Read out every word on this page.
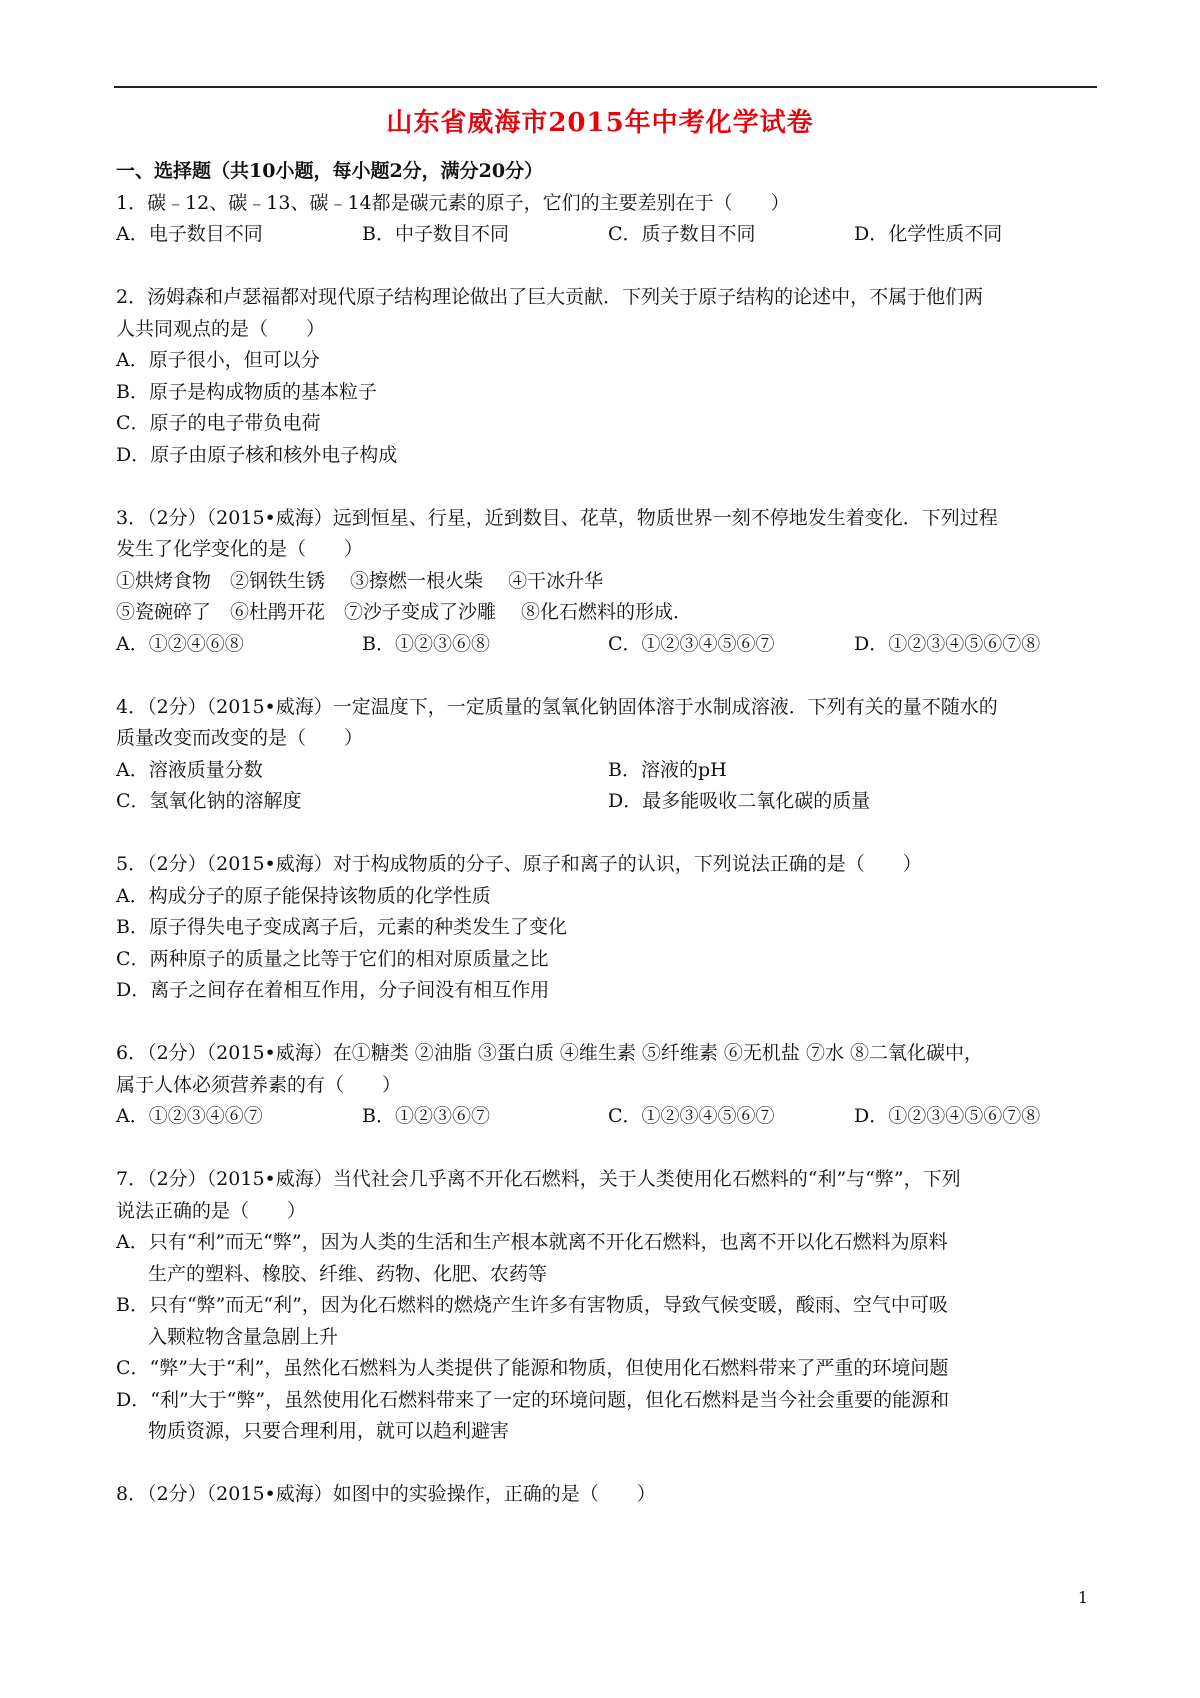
山东省威海市2015年中考化学试卷
一、选择题（共10小题，每小题2分，满分20分）
1．碳﹣12、碳﹣13、碳﹣14都是碳元素的原子，它们的主要差别在于（　　）
A．电子数目不同	B．中子数目不同	C．质子数目不同	D．化学性质不同
2．汤姆森和卢瑟福都对现代原子结构理论做出了巨大贡献．下列关于原子结构的论述中，不属于他们两
人共同观点的是（　　）
A．原子很小，但可以分
B．原子是构成物质的基本粒子
C．原子的电子带负电荷
D．原子由原子核和核外电子构成
3．（2分）（2015•威海）远到恒星、行星，近到数目、花草，物质世界一刻不停地发生着变化．下列过程
发生了化学变化的是（　　）
①烘烤食物　②钢铁生锈　 ③擦燃一根火柴　 ④干冰升华
⑤瓷碗碎了　⑥杜鹃开花　⑦沙子变成了沙雕　 ⑧化石燃料的形成．
A．①②④⑥⑧	B．①②③⑥⑧	C．①②③④⑤⑥⑦	D．①②③④⑤⑥⑦⑧
4．（2分）（2015•威海）一定温度下，一定质量的氢氧化钠固体溶于水制成溶液．下列有关的量不随水的
质量改变而改变的是（　　）
A．溶液质量分数	B．溶液的pH
C．氢氧化钠的溶解度	D．最多能吸收二氧化碳的质量
5．（2分）（2015•威海）对于构成物质的分子、原子和离子的认识，下列说法正确的是（　　）
A．构成分子的原子能保持该物质的化学性质
B．原子得失电子变成离子后，元素的种类发生了变化
C．两种原子的质量之比等于它们的相对原质量之比
D．离子之间存在着相互作用，分子间没有相互作用
6．（2分）（2015•威海）在①糖类 ②油脂 ③蛋白质 ④维生素 ⑤纤维素 ⑥无机盐 ⑦水 ⑧二氧化碳中，
属于人体必须营养素的有（　　）
A．①②③④⑥⑦	B．①②③⑥⑦	C．①②③④⑤⑥⑦	D．①②③④⑤⑥⑦⑧
7．（2分）（2015•威海）当代社会几乎离不开化石燃料，关于人类使用化石燃料的“利”与“弊”，下列
说法正确的是（　　）
A．只有“利”而无“弊”，因为人类的生活和生产根本就离不开化石燃料，也离不开以化石燃料为原料
生产的塑料、橡胶、纤维、药物、化肥、农药等
B．只有“弊”而无“利”，因为化石燃料的燃烧产生许多有害物质，导致气候变暖，酸雨、空气中可吸
入颗粒物含量急剧上升
C．“弊”大于“利”，虽然化石燃料为人类提供了能源和物质，但使用化石燃料带来了严重的环境问题
D．“利”大于“弊”，虽然使用化石燃料带来了一定的环境问题，但化石燃料是当今社会重要的能源和
物质资源，只要合理利用，就可以趋利避害
8．（2分）（2015•威海）如图中的实验操作，正确的是（　　）
1
